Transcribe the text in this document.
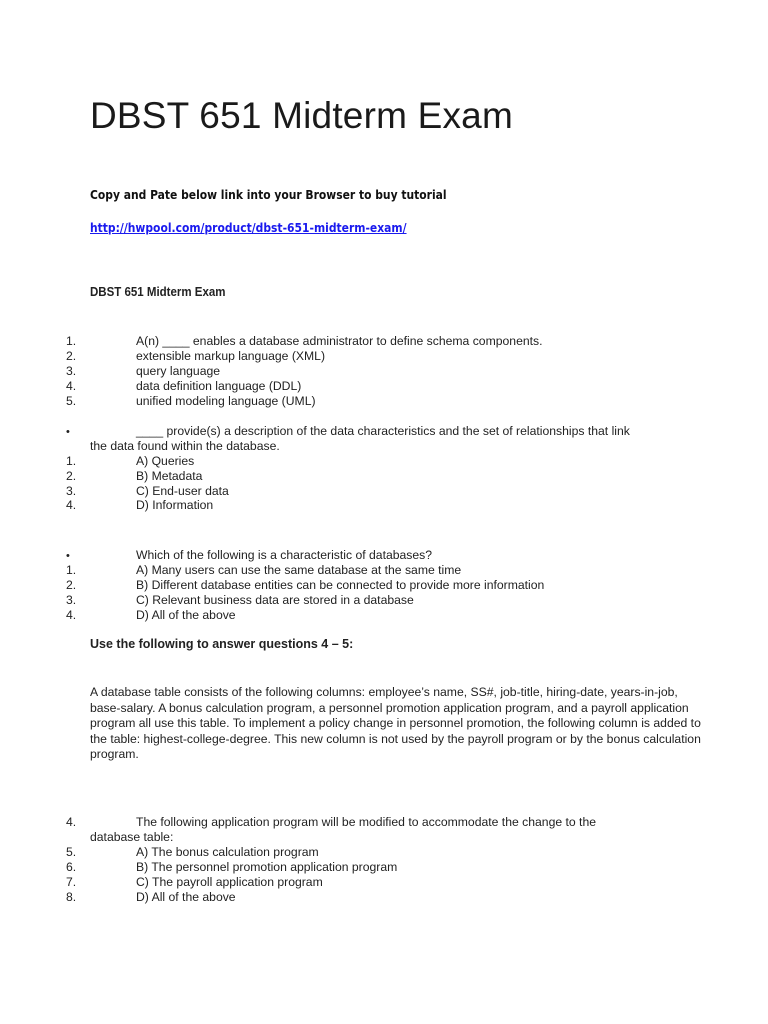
DBST 651 Midterm Exam
Copy and Pate below link into your Browser to buy tutorial
http://hwpool.com/product/dbst-651-midterm-exam/
DBST 651 Midterm Exam
1.	A(n) ____ enables a database administrator to define schema components.
2.	extensible markup language (XML)
3.	query language
4.	data definition language (DDL)
5.	unified modeling language (UML)
•	____ provide(s) a description of the data characteristics and the set of relationships that link
the data found within the database.
1.	A) Queries
2.	B) Metadata
3.	C) End-user data
4.	D) Information
•	Which of the following is a characteristic of databases?
1.	A) Many users can use the same database at the same time
2.	B) Different database entities can be connected to provide more information
3.	C) Relevant business data are stored in a database
4.	D) All of the above
Use the following to answer questions 4 – 5:
A database table consists of the following columns: employee’s name, SS#, job-title, hiring-date, years-in-job, base-salary. A bonus calculation program, a personnel promotion application program, and a payroll application program all use this table. To implement a policy change in personnel promotion, the following column is added to the table: highest-college-degree. This new column is not used by the payroll program or by the bonus calculation program.
4.	The following application program will be modified to accommodate the change to the
database table:
5.	A) The bonus calculation program
6.	B) The personnel promotion application program
7.	C) The payroll application program
8.	D) All of the above
